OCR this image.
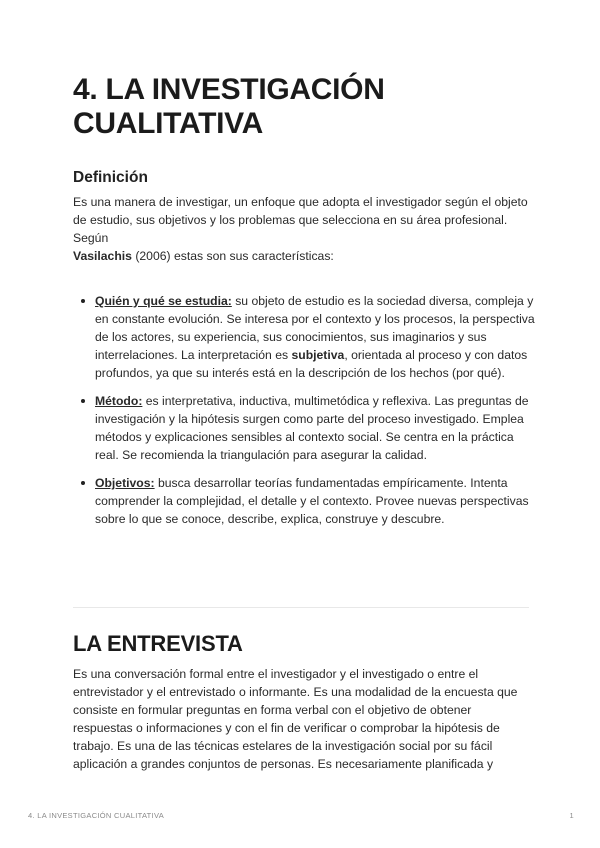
4. LA INVESTIGACIÓN CUALITATIVA
Definición
Es una manera de investigar, un enfoque que adopta el investigador según el objeto de estudio, sus objetivos y los problemas que selecciona en su área profesional.
Según
Vasilachis (2006) estas son sus características:
Quién y qué se estudia: su objeto de estudio es la sociedad diversa, compleja y en constante evolución. Se interesa por el contexto y los procesos, la perspectiva de los actores, su experiencia, sus conocimientos, sus imaginarios y sus interrelaciones. La interpretación es subjetiva, orientada al proceso y con datos profundos, ya que su interés está en la descripción de los hechos (por qué).
Método: es interpretativa, inductiva, multimetódica y reflexiva. Las preguntas de investigación y la hipótesis surgen como parte del proceso investigado. Emplea métodos y explicaciones sensibles al contexto social. Se centra en la práctica real. Se recomienda la triangulación para asegurar la calidad.
Objetivos: busca desarrollar teorías fundamentadas empíricamente. Intenta comprender la complejidad, el detalle y el contexto. Provee nuevas perspectivas sobre lo que se conoce, describe, explica, construye y descubre.
LA ENTREVISTA
Es una conversación formal entre el investigador y el investigado o entre el entrevistador y el entrevistado o informante. Es una modalidad de la encuesta que consiste en formular preguntas en forma verbal con el objetivo de obtener respuestas o informaciones y con el fin de verificar o comprobar la hipótesis de trabajo. Es una de las técnicas estelares de la investigación social por su fácil aplicación a grandes conjuntos de personas. Es necesariamente planificada y
4. LA INVESTIGACIÓN CUALITATIVA	1
